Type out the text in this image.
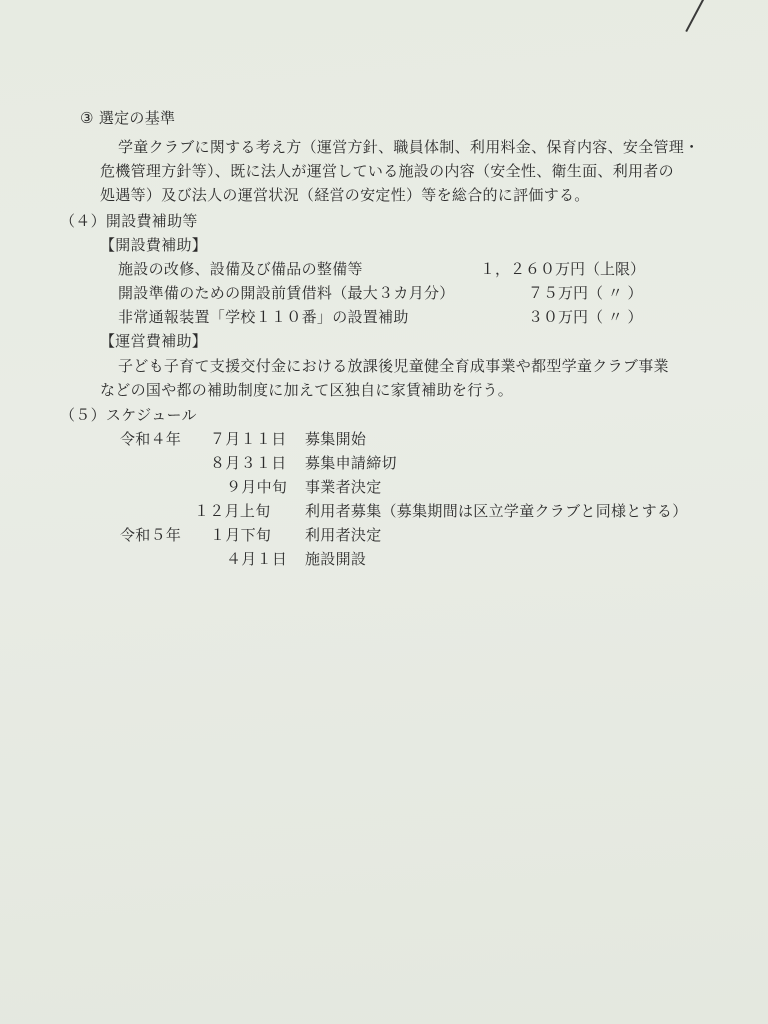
③ 選定の基準
学童クラブに関する考え方（運営方針、職員体制、利用料金、保育内容、安全管理・
危機管理方針等）、既に法人が運営している施設の内容（安全性、衛生面、利用者の
処遇等）及び法人の運営状況（経営の安定性）等を総合的に評価する。
（４）開設費補助等
【開設費補助】
施設の改修、設備及び備品の整備等	１，２６０万円（上限）
開設準備のための開設前賃借料（最大３カ月分）	７５万円（ 〃 ）
非常通報装置「学校１１０番」の設置補助	３０万円（ 〃 ）
【運営費補助】
子ども子育て支援交付金における放課後児童健全育成事業や都型学童クラブ事業
などの国や都の補助制度に加えて区独自に家賃補助を行う。
（５）スケジュール
令和４年 ７月１１日 募集開始
８月３１日 募集申請締切
９月中旬 事業者決定
１２月上旬 利用者募集（募集期間は区立学童クラブと同様とする）
令和５年 １月下旬 利用者決定
４月１日 施設開設
